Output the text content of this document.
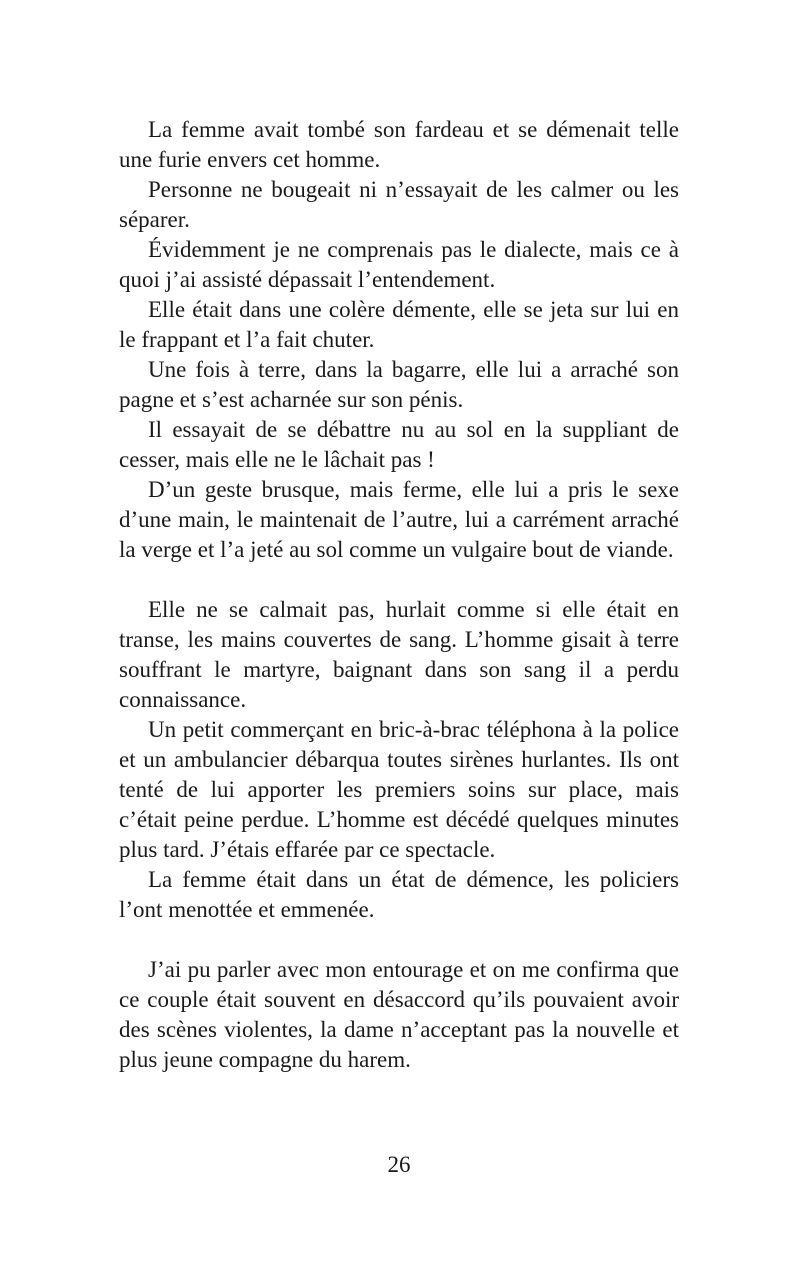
La femme avait tombé son fardeau et se démenait telle une furie envers cet homme.

Personne ne bougeait ni n’essayait de les calmer ou les séparer.

Évidemment je ne comprenais pas le dialecte, mais ce à quoi j’ai assisté dépassait l’entendement.

Elle était dans une colère démente, elle se jeta sur lui en le frappant et l’a fait chuter.

Une fois à terre, dans la bagarre, elle lui a arraché son pagne et s’est acharnée sur son pénis.

Il essayait de se débattre nu au sol en la suppliant de cesser, mais elle ne le lâchait pas !

D’un geste brusque, mais ferme, elle lui a pris le sexe d’une main, le maintenait de l’autre, lui a carrément arraché la verge et l’a jeté au sol comme un vulgaire bout de viande.

Elle ne se calmait pas, hurlait comme si elle était en transe, les mains couvertes de sang. L’homme gisait à terre souffrant le martyre, baignant dans son sang il a perdu connaissance.

Un petit commerçant en bric-à-brac téléphona à la police et un ambulancier débarqua toutes sirènes hurlantes. Ils ont tenté de lui apporter les premiers soins sur place, mais c’était peine perdue. L’homme est décédé quelques minutes plus tard. J’étais effarée par ce spectacle.

La femme était dans un état de démence, les policiers l’ont menottée et emmenée.

J’ai pu parler avec mon entourage et on me confirma que ce couple était souvent en désaccord qu’ils pouvaient avoir des scènes violentes, la dame n’acceptant pas la nouvelle et plus jeune compagne du harem.

26
